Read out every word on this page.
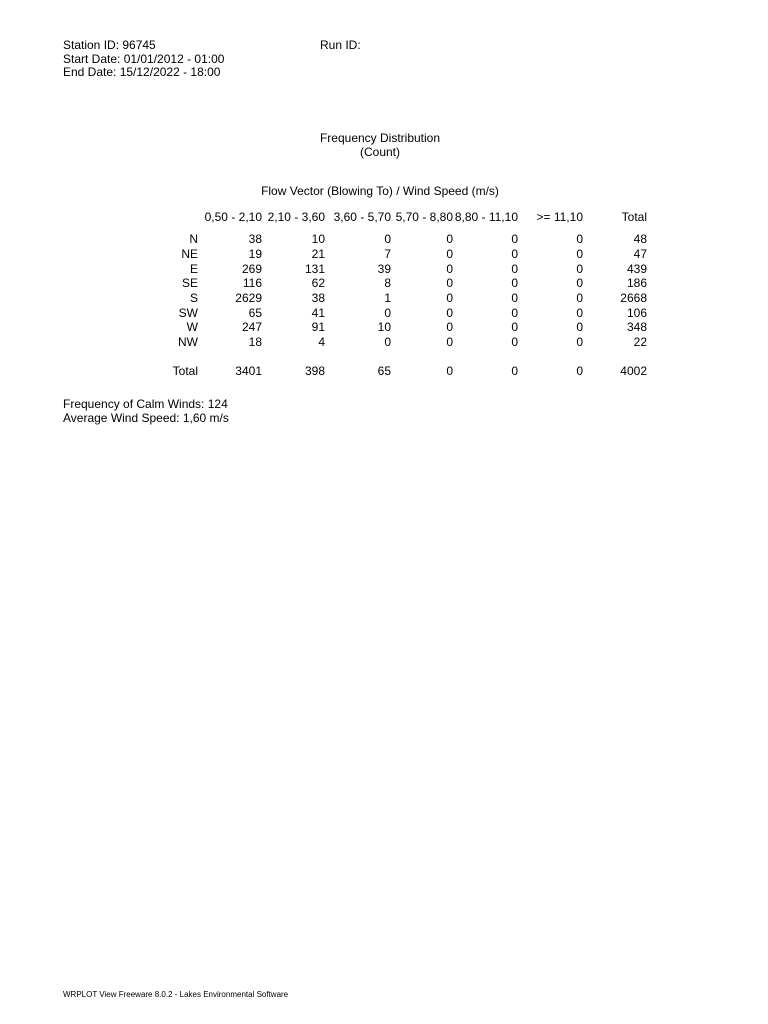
Station ID: 96745
Start Date: 01/01/2012 - 01:00
End Date: 15/12/2022 - 18:00
Run ID:
Frequency Distribution
(Count)
Flow Vector (Blowing To) / Wind Speed (m/s)
	0,50 - 2,10	2,10 - 3,60	3,60 - 5,70	5,70 - 8,80	8,80 - 11,10	>= 11,10	Total
N	38	10	0	0	0	0	48
NE	19	21	7	0	0	0	47
E	269	131	39	0	0	0	439
SE	116	62	8	0	0	0	186
S	2629	38	1	0	0	0	2668
SW	65	41	0	0	0	0	106
W	247	91	10	0	0	0	348
NW	18	4	0	0	0	0	22

Total	3401	398	65	0	0	0	4002
Frequency of Calm Winds: 124
Average Wind Speed: 1,60 m/s
WRPLOT View Freeware 8.0.2 - Lakes Environmental Software
